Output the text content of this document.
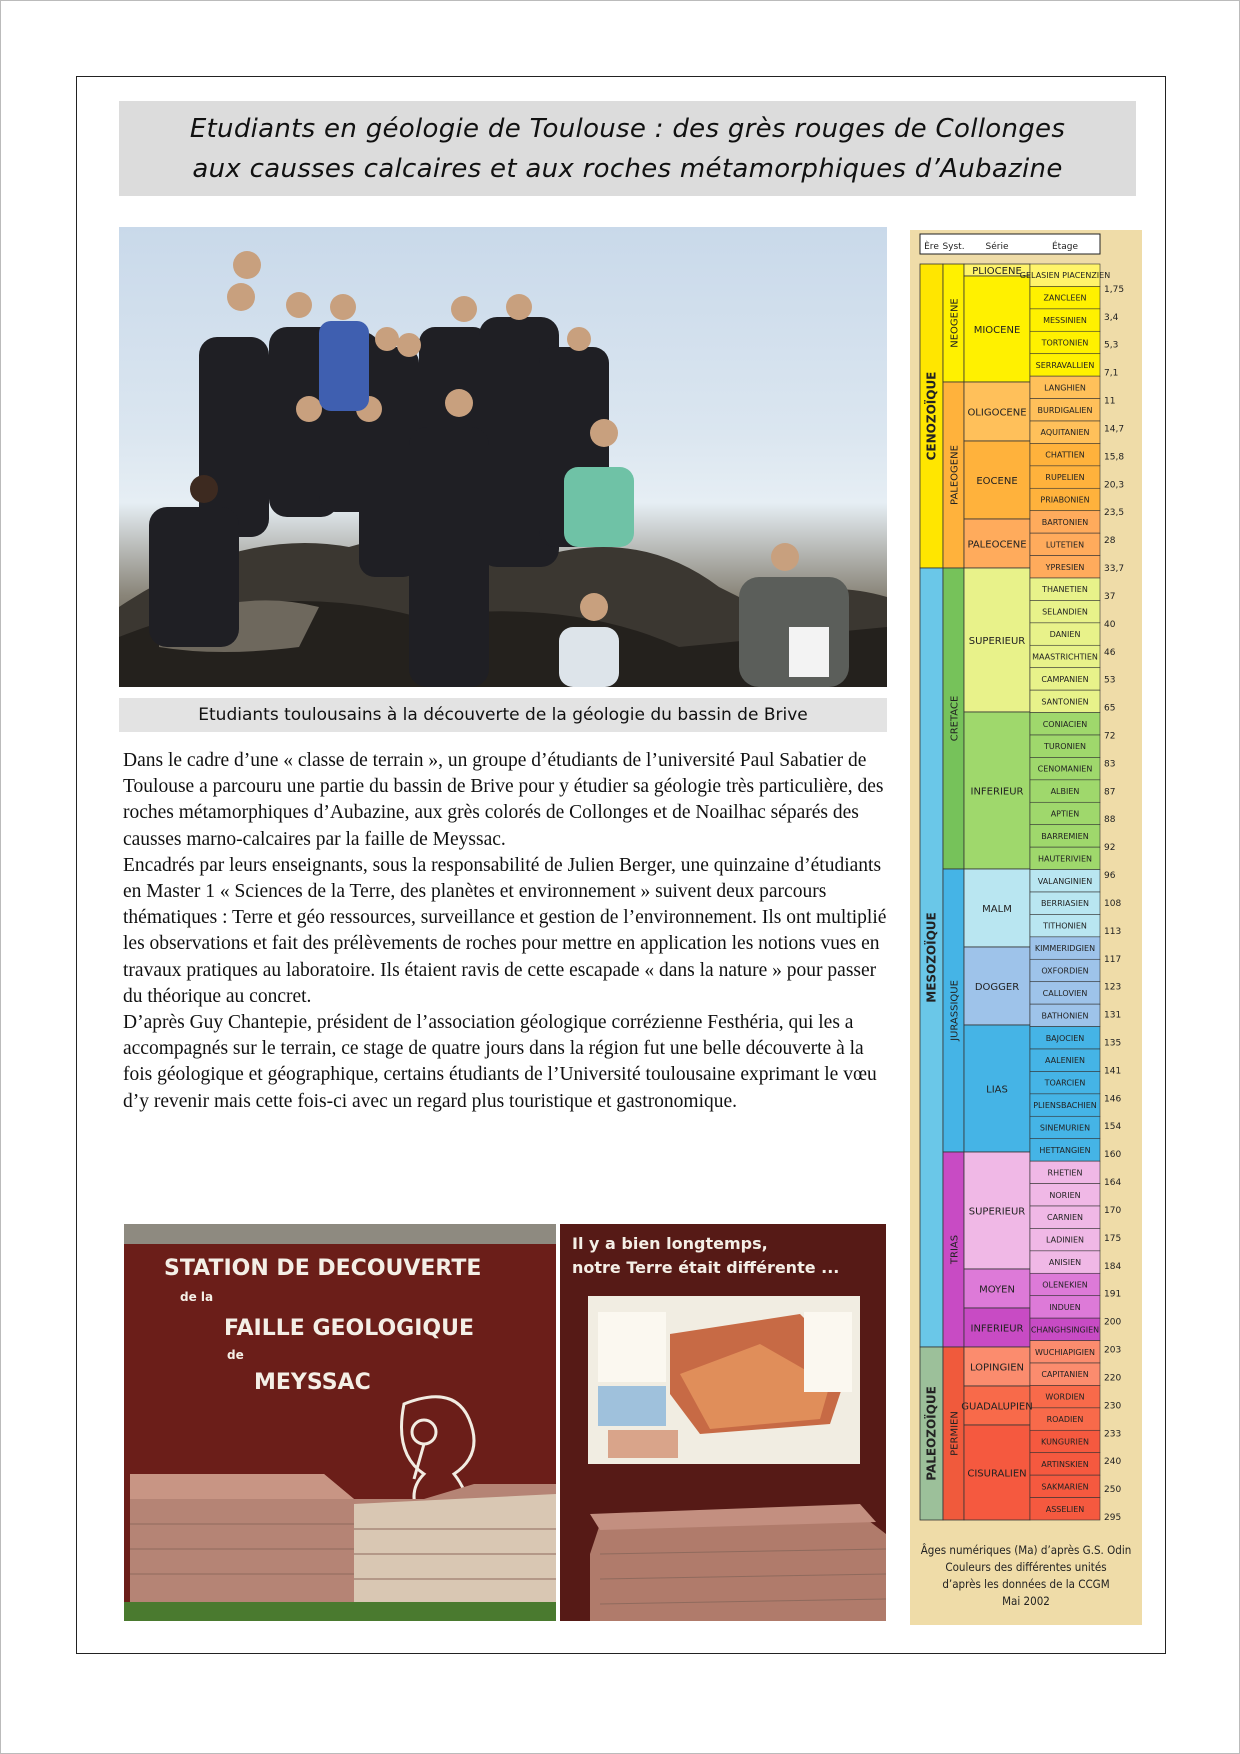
Etudiants en géologie de Toulouse : des grès rouges de Collonges
aux causses calcaires et aux roches métamorphiques d’Aubazine
Etudiants toulousains à la découverte de la géologie du bassin de Brive

Dans le cadre d’une « classe de terrain », un groupe d’étudiants de l’université Paul Sabatier de Toulouse a parcouru une partie du bassin de Brive pour y étudier sa géologie très particulière, des roches métamorphiques d’Aubazine, aux grès colorés de Collonges et de Noailhac séparés des causses marno-calcaires par la faille de Meyssac.

Encadrés par leurs enseignants, sous la responsabilité de Julien Berger, une quinzaine d’étudiants en Master 1 « Sciences de la Terre, des planètes et environnement » suivent deux parcours thématiques : Terre et géo ressources, surveillance et gestion de l’environnement. Ils ont multiplié les observations et fait des prélèvements de roches pour mettre en application les notions vues en travaux pratiques au laboratoire. Ils étaient ravis de cette escapade « dans la nature » pour passer du théorique au concret.

D’après Guy Chantepie, président de l’association géologique corrézienne Festhéria, qui les a accompagnés sur le terrain, ce stage de quatre jours dans la région fut une belle découverte à la fois géologique et géographique, certains étudiants de l’Université toulousaine exprimant le vœu d’y revenir mais cette fois-ci avec un regard plus touristique et gastronomique.

STATION DE DECOUVERTE
de la
FAILLE GEOLOGIQUE
de
MEYSSAC
Il y a bien longtemps,
notre Terre était différente ...
Ère Syst. Série	Étage
GELASIEN PIACENZIEN
ZANCLEEN
MESSINIEN
TORTONIEN
SERRAVALLIEN
LANGHIEN
BURDIGALIEN
AQUITANIEN
CHATTIEN
RUPELIEN
PRIABONIEN
BARTONIEN
LUTETIEN
YPRESIEN
THANETIEN
SELANDIEN
DANIEN
MAASTRICHTIEN
CAMPANIEN
SANTONIEN
CONIACIEN
TURONIEN
CENOMANIEN
ALBIEN
APTIEN
BARREMIEN
HAUTERIVIEN
VALANGINIEN
BERRIASIEN
TITHONIEN
KIMMERIDGIEN
OXFORDIEN
CALLOVIEN
BATHONIEN
BAJOCIEN
AALENIEN
TOARCIEN
PLIENSBACHIEN
SINEMURIEN
HETTANGIEN
RHETIEN
NORIEN
CARNIEN
LADINIEN
ANISIEN
OLENEKIEN
INDUEN
CHANGHSINGIEN
WUCHIAPIGIEN
CAPITANIEN
WORDIEN
ROADIEN
KUNGURIEN
ARTINSKIEN
SAKMARIEN
ASSELIEN
PLIOCENE
MIOCENE
OLIGOCENE
EOCENE
PALEOCENE
SUPERIEUR
INFERIEUR
MALM
DOGGER
LIAS
SUPERIEUR
MOYEN
INFERIEUR
LOPINGIEN
GUADALUPIEN
CISURALIEN
NEOGENE
PALEOGENE
CRETACE
JURASSIQUE
TRIAS
PERMIEN
CENOZOÏQUE
MESOZOÏQUE
PALEOZOÏQUE
1,75
3,4
5,3
7,1
11
14,7
15,8
20,3
23,5
28
33,7
37
40
46
53
65
72
83
87
88
92
96
108
113
117
123
131
135
141
146
154
160
164
170
175
184
191
200
203
220
230
233
240
250
295
Âges numériques (Ma) d’après G.S. Odin
Couleurs des différentes unités
d’après les données de la CCGM
Mai 2002
